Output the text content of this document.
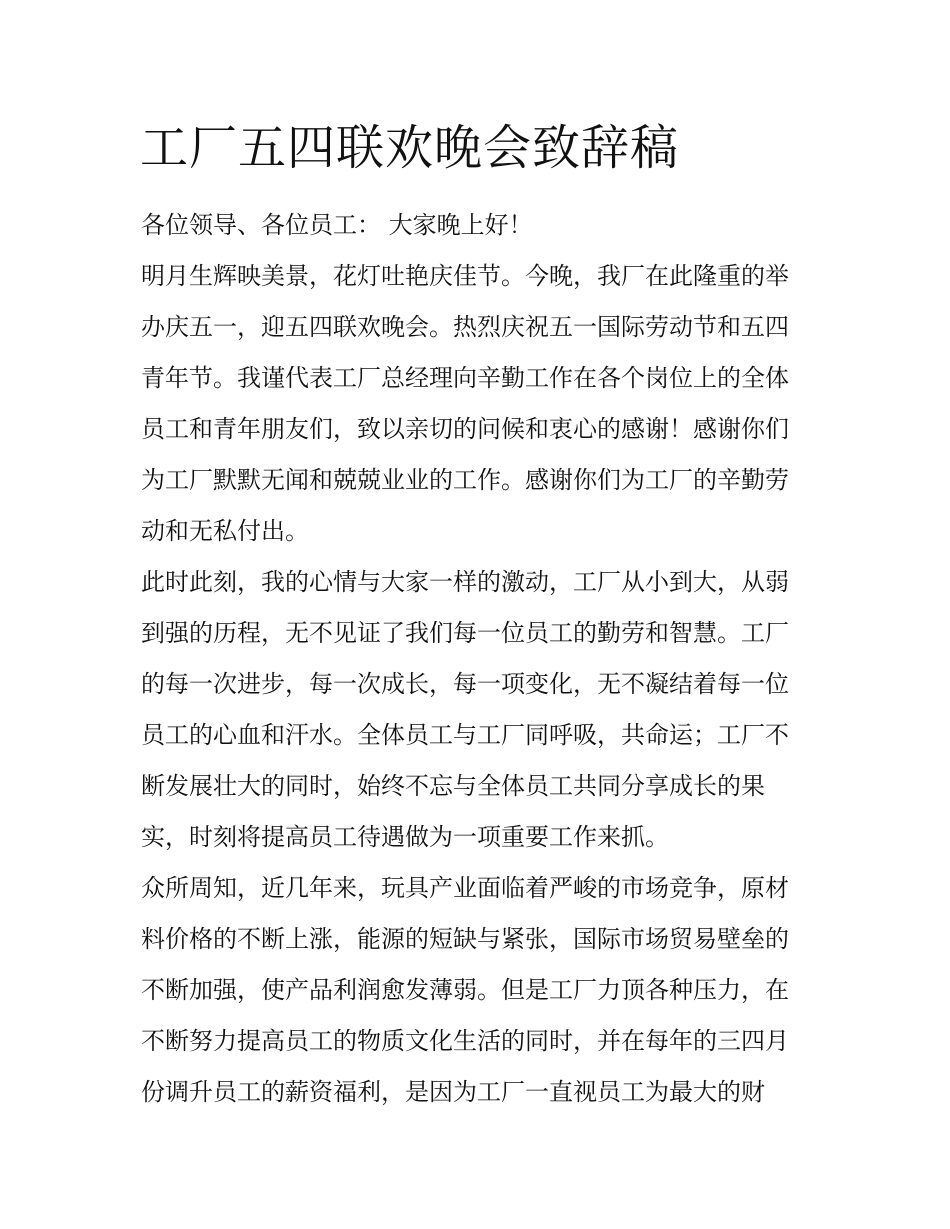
工厂五四联欢晚会致辞稿
各位领导、各位员工： 大家晚上好！
明月生辉映美景，花灯吐艳庆佳节。今晚，我厂在此隆重的举
办庆五一，迎五四联欢晚会。热烈庆祝五一国际劳动节和五四
青年节。我谨代表工厂总经理向辛勤工作在各个岗位上的全体
员工和青年朋友们，致以亲切的问候和衷心的感谢！感谢你们
为工厂默默无闻和兢兢业业的工作。感谢你们为工厂的辛勤劳
动和无私付出。
此时此刻，我的心情与大家一样的激动，工厂从小到大，从弱
到强的历程，无不见证了我们每一位员工的勤劳和智慧。工厂
的每一次进步，每一次成长，每一项变化，无不凝结着每一位
员工的心血和汗水。全体员工与工厂同呼吸，共命运；工厂不
断发展壮大的同时，始终不忘与全体员工共同分享成长的果
实，时刻将提高员工待遇做为一项重要工作来抓。
众所周知，近几年来，玩具产业面临着严峻的市场竞争，原材
料价格的不断上涨，能源的短缺与紧张，国际市场贸易壁垒的
不断加强，使产品利润愈发薄弱。但是工厂力顶各种压力，在
不断努力提高员工的物质文化生活的同时，并在每年的三四月
份调升员工的薪资福利，是因为工厂一直视员工为最大的财
